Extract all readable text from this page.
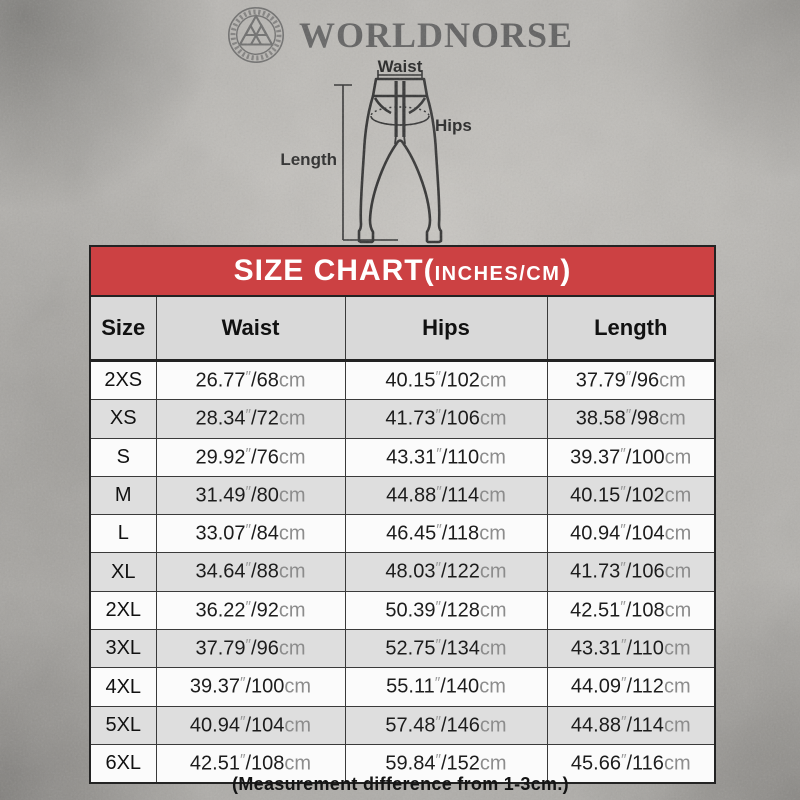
WORLDNORSE
Waist
Hips
Length
SIZE CHART( INCHES/CM )
Size	Waist	Hips	Length
2XS	26.77″/68cm	40.15″/102cm	37.79″/96cm
XS	28.34″/72cm	41.73″/106cm	38.58″/98cm
S	29.92″/76cm	43.31″/110cm	39.37″/100cm
M	31.49″/80cm	44.88″/114cm	40.15″/102cm
L	33.07″/84cm	46.45″/118cm	40.94″/104cm
XL	34.64″/88cm	48.03″/122cm	41.73″/106cm
2XL	36.22″/92cm	50.39″/128cm	42.51″/108cm
3XL	37.79″/96cm	52.75″/134cm	43.31″/110cm
4XL	39.37″/100cm	55.11″/140cm	44.09″/112cm
5XL	40.94″/104cm	57.48″/146cm	44.88″/114cm
6XL	42.51″/108cm	59.84″/152cm	45.66″/116cm
(Measurement difference from 1-3cm.)
